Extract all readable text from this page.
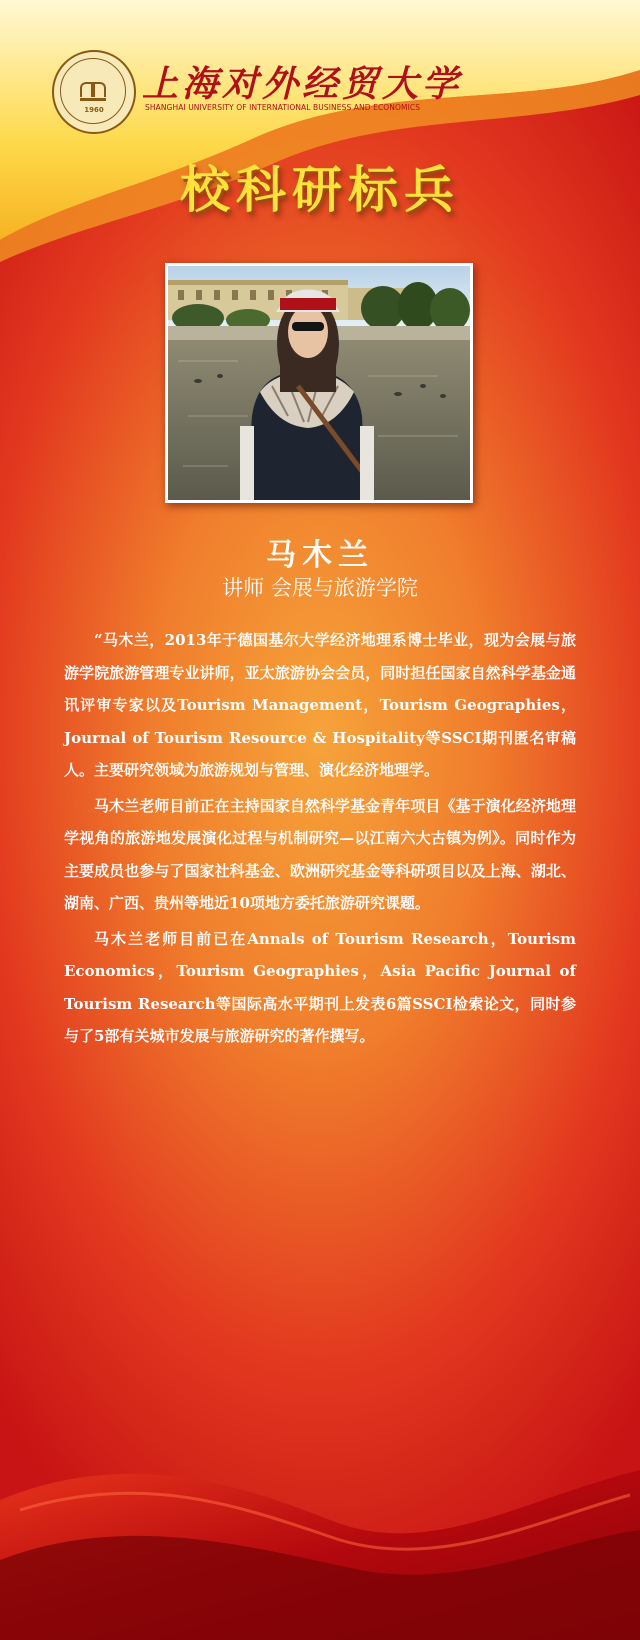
1960
上海对外经贸大学
SHANGHAI UNIVERSITY OF INTERNATIONAL BUSINESS AND ECONOMICS
校科研标兵
马木兰
讲师 会展与旅游学院

“马木兰，2013年于德国基尔大学经济地理系博士毕业，现为会展与旅游学院旅游管理专业讲师，亚太旅游协会会员，同时担任国家自然科学基金通讯评审专家以及Tourism Management，Tourism Geographies，Journal of Tourism Resource & Hospitality等SSCI期刊匿名审稿人。主要研究领域为旅游规划与管理、演化经济地理学。

马木兰老师目前正在主持国家自然科学基金青年项目《基于演化经济地理学视角的旅游地发展演化过程与机制研究—以江南六大古镇为例》。同时作为主要成员也参与了国家社科基金、欧洲研究基金等科研项目以及上海、湖北、湖南、广西、贵州等地近10项地方委托旅游研究课题。

马木兰老师目前已在Annals of Tourism Research，Tourism Economics，Tourism Geographies，Asia Pacific Journal of Tourism Research等国际高水平期刊上发表6篇SSCI检索论文，同时参与了5部有关城市发展与旅游研究的著作撰写。
